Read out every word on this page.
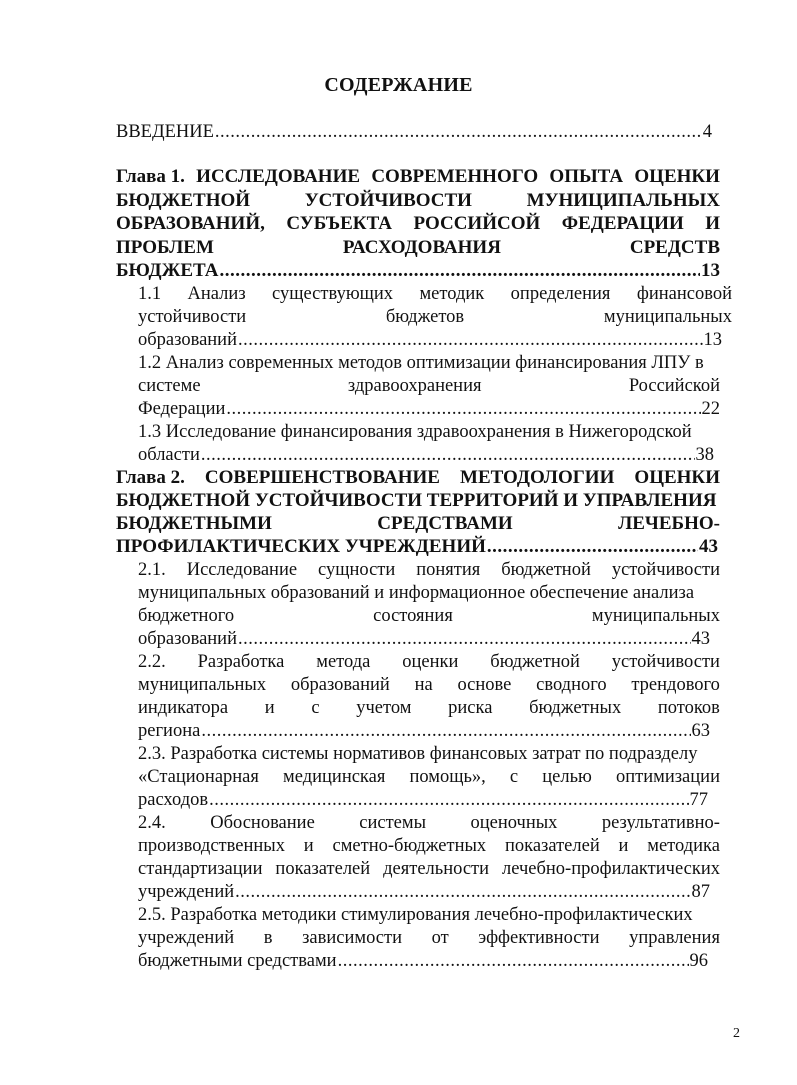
СОДЕРЖАНИЕ
ВВЕДЕНИЕ .....	4
Глава 1. ИССЛЕДОВАНИЕ СОВРЕМЕННОГО ОПЫТА ОЦЕНКИ
БЮДЖЕТНОЙ	УСТОЙЧИВОСТИ	МУНИЦИПАЛЬНЫХ
ОБРАЗОВАНИЙ, СУБЪЕКТА РОССИЙСОЙ ФЕДЕРАЦИИ И
ПРОБЛЕМ	РАСХОДОВАНИЯ	СРЕДСТВ
БЮДЖЕТА .....	13
1.1 Анализ существующих методик определения финансовой
устойчивости	бюджетов	муниципальных
образований .....	13
1.2 Анализ современных методов оптимизации финансирования ЛПУ в
системе	здравоохранения	Российской
Федерации .....	22
1.3 Исследование финансирования здравоохранения в Нижегородской
области .....	38
Глава 2. СОВЕРШЕНСТВОВАНИЕ МЕТОДОЛОГИИ ОЦЕНКИ
БЮДЖЕТНОЙ УСТОЙЧИВОСТИ ТЕРРИТОРИЙ И УПРАВЛЕНИЯ
БЮДЖЕТНЫМИ	СРЕДСТВАМИ	ЛЕЧЕБНО-
ПРОФИЛАКТИЧЕСКИХ УЧРЕЖДЕНИЙ .....	43
2.1. Исследование сущности понятия бюджетной устойчивости
муниципальных образований и информационное обеспечение анализа
бюджетного	состояния	муниципальных
образований .....	43
2.2. Разработка метода оценки бюджетной устойчивости
муниципальных образований на основе сводного трендового
индикатора и с учетом риска бюджетных потоков
региона .....	63
2.3. Разработка системы нормативов финансовых затрат по подразделу
«Стационарная медицинская помощь», с целью оптимизации
расходов .....	77
2.4. Обоснование системы оценочных результативно-
производственных и сметно-бюджетных показателей и методика
стандартизации показателей деятельности лечебно-профилактических
учреждений .....	87
2.5. Разработка методики стимулирования лечебно-профилактических
учреждений в зависимости от эффективности управления
бюджетными средствами .....	96
2
